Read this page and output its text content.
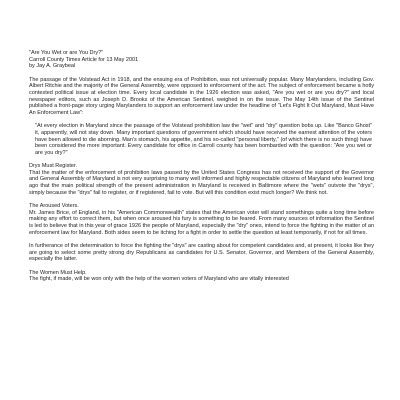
"Are You Wet or are You Dry?"
Carroll County Times Article for 13 May 2001
by Jay A. Graybeal

The passage of the Volstead Act in 1918, and the ensuing era of Prohibition, was not universally popular. Many Marylanders, including Gov. Albert Ritchie and the majority of the General Assembly, were opposed to enforcement of the act. The subject of enforcement became a hotly contested political issue at election time. Every local candidate in the 1926 election was asked, "Are you wet or are you dry?" and local newspaper editors, such as Joseph D. Brooks of the American Sentinel, weighed in on the issue. The May 14th issue of the Sentinel published a front-page story urging Marylanders to support an enforcement law under the headline of "Let's Fight It Out Maryland, Must Have An Enforcement Law":

"At every election in Maryland since the passage of the Volstead prohibition law the "wet" and "dry" question bobs up. Like "Banco Ghost" it, apparently, will not stay down. Many important questions of government which should have received the earnest attention of the voters have been allowed to die aborning. Man's stomach, his appetite, and his so-called "personal liberty," (of which there is no such thing) have been considered the more important. Every candidate for office in Carroll county has been bombarded with the question: "Are you wet or are you dry?"

Drys Must Register.

That the matter of the enforcement of prohibition laws passed by the United States Congress has not received the support of the Governor and General Assembly of Maryland is not very surprising to many well informed and highly respectable citizens of Maryland who learned long ago that the main political strength of the present administration in Maryland is received in Baltimore where the "wets" outvote the "drys", simply because the "drys" fail to register, or if registered, fail to vote. But will this condition exist much longer? We think not.

The Aroused Voters.

Mr. James Brice, of England, in his "American Commonwealth" states that the American voter will stand somethings quite a long time before making any effort to correct them, but when once aroused his fury is something to be feared. From many sources of information the Sentinel is led to believe that in this year of grace 1926 the people of Maryland, especially the "dry" ones, intend to force the fighting in the matter of an enforcement law for Maryland. Both sides seem to be itching for a fight in order to settle the question at least temporarily, if not for all times.

In furtherance of the determination to force the fighting the "drys" are casting about for competent candidates and, at present, it looks like they are going to select some pretty strong dry Republicans as candidates for U.S. Senator, Governor, and Members of the General Assembly, especially the latter.

The Women Must Help.

The fight, if made, will be won only with the help of the women voters of Maryland who are vitally interested
